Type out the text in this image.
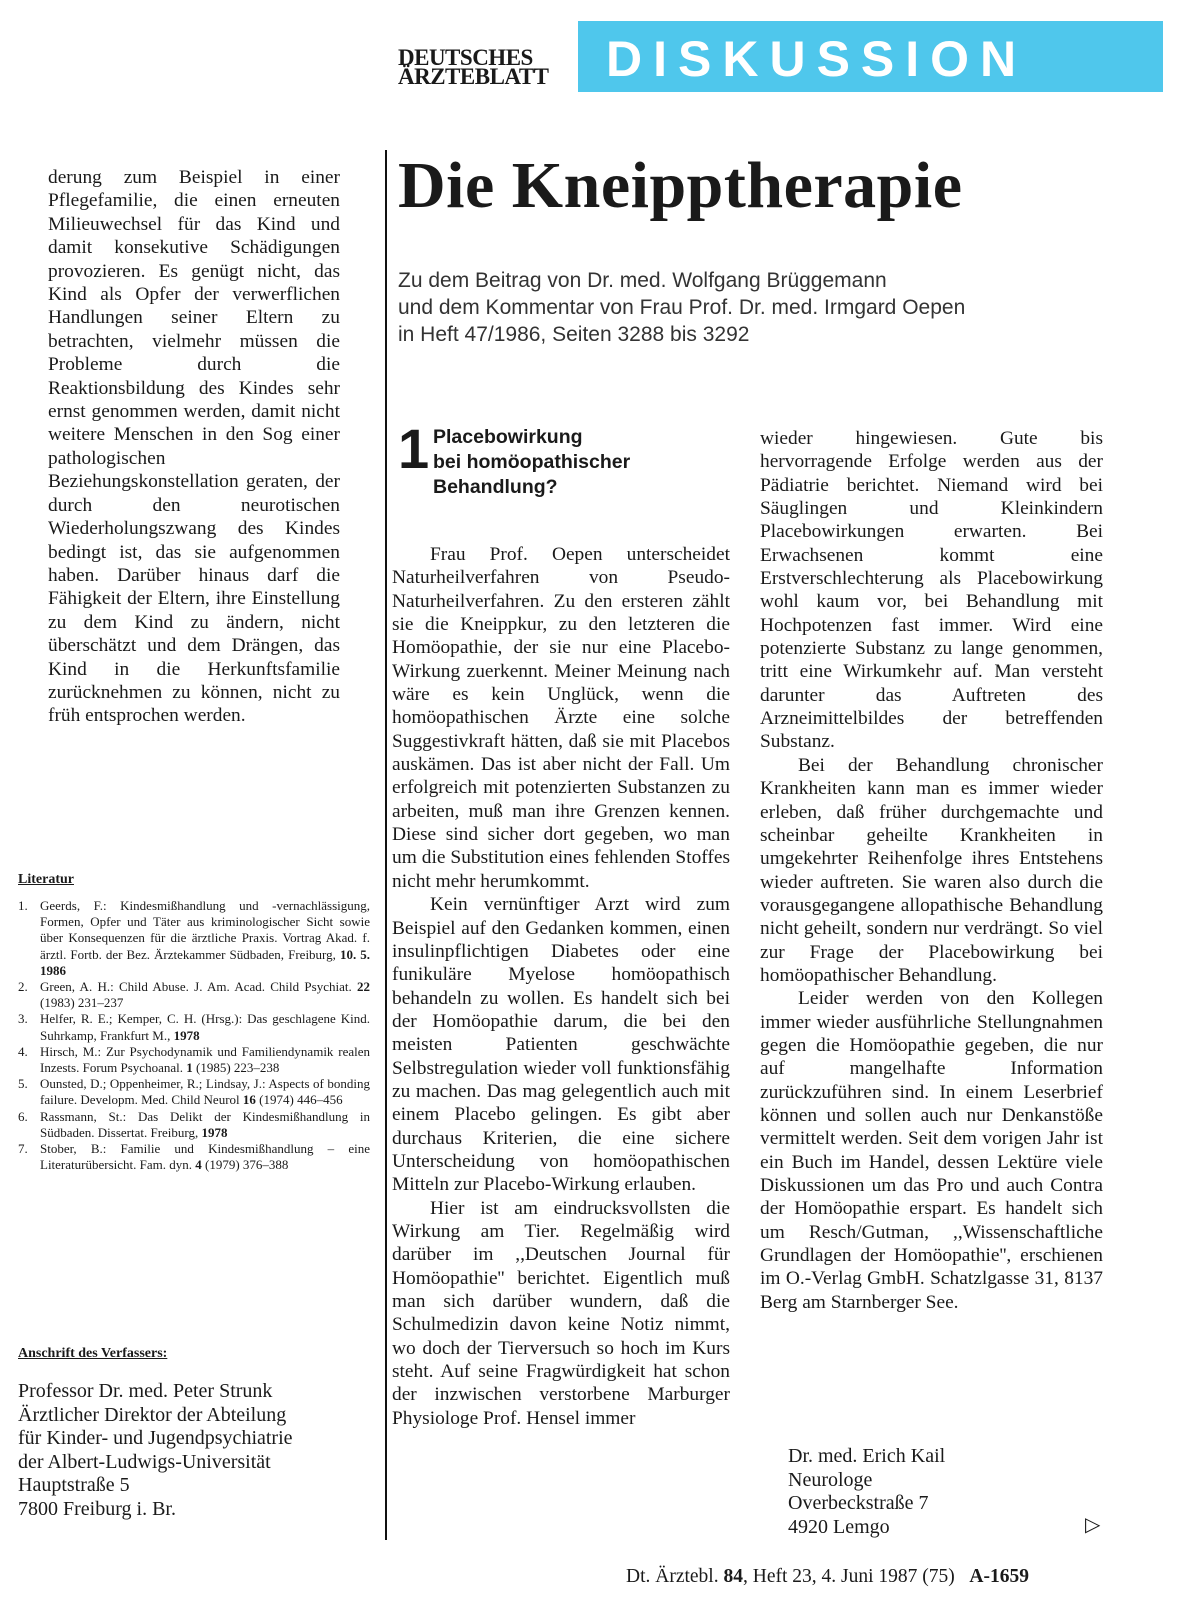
DEUTSCHES
ÄRZTEBLATT DISKUSSION

derung zum Beispiel in einer Pflegefamilie, die einen erneuten Milieuwechsel für das Kind und damit konsekutive Schädigungen provozieren. Es genügt nicht, das Kind als Opfer der verwerflichen Handlungen seiner Eltern zu betrachten, vielmehr müssen die Probleme durch die Reaktionsbildung des Kindes sehr ernst genommen werden, damit nicht weitere Menschen in den Sog einer pathologischen Beziehungskonstellation geraten, der durch den neurotischen Wiederholungszwang des Kindes bedingt ist, das sie aufgenommen haben. Darüber hinaus darf die Fähigkeit der Eltern, ihre Einstellung zu dem Kind zu ändern, nicht überschätzt und dem Drängen, das Kind in die Herkunftsfamilie zurücknehmen zu können, nicht zu früh entsprochen werden.

Literatur
1. Geerds, F.: Kindesmißhandlung und -vernachlässigung, Formen, Opfer und Täter aus kriminologischer Sicht sowie über Konsequenzen für die ärztliche Praxis. Vortrag Akad. f. ärztl. Fortb. der Bez. Ärztekammer Südbaden, Freiburg, 10. 5. 1986
2. Green, A. H.: Child Abuse. J. Am. Acad. Child Psychiat. 22 (1983) 231–237
3. Helfer, R. E.; Kemper, C. H. (Hrsg.): Das geschlagene Kind. Suhrkamp, Frankfurt M., 1978
4. Hirsch, M.: Zur Psychodynamik und Familiendynamik realen Inzests. Forum Psychoanal. 1 (1985) 223–238
5. Ounsted, D.; Oppenheimer, R.; Lindsay, J.: Aspects of bonding failure. Developm. Med. Child Neurol 16 (1974) 446–456
6. Rassmann, St.: Das Delikt der Kindesmißhandlung in Südbaden. Dissertat. Freiburg, 1978
7. Stober, B.: Familie und Kindesmißhandlung – eine Literaturübersicht. Fam. dyn. 4 (1979) 376–388
Anschrift des Verfassers:
Professor Dr. med. Peter Strunk
Ärztlicher Direktor der Abteilung
für Kinder- und Jugendpsychiatrie
der Albert-Ludwigs-Universität
Hauptstraße 5
7800 Freiburg i. Br.
Die Kneipptherapie
Zu dem Beitrag von Dr. med. Wolfgang Brüggemann
und dem Kommentar von Frau Prof. Dr. med. Irmgard Oepen
in Heft 47/1986, Seiten 3288 bis 3292
1 Placebowirkung
bei homöopathischer
Behandlung?

Frau Prof. Oepen unterscheidet Naturheilverfahren von Pseudo-Naturheilverfahren. Zu den ersteren zählt sie die Kneippkur, zu den letzteren die Homöopathie, der sie nur eine Placebo-Wirkung zuerkennt. Meiner Meinung nach wäre es kein Unglück, wenn die homöopathischen Ärzte eine solche Suggestivkraft hätten, daß sie mit Placebos auskämen. Das ist aber nicht der Fall. Um erfolgreich mit potenzierten Substanzen zu arbeiten, muß man ihre Grenzen kennen. Diese sind sicher dort gegeben, wo man um die Substitution eines fehlenden Stoffes nicht mehr herumkommt.

Kein vernünftiger Arzt wird zum Beispiel auf den Gedanken kommen, einen insulinpflichtigen Diabetes oder eine funikuläre Myelose homöopathisch behandeln zu wollen. Es handelt sich bei der Homöopathie darum, die bei den meisten Patienten geschwächte Selbstregulation wieder voll funktionsfähig zu machen. Das mag gelegentlich auch mit einem Placebo gelingen. Es gibt aber durchaus Kriterien, die eine sichere Unterscheidung von homöopathischen Mitteln zur Placebo-Wirkung erlauben.

Hier ist am eindrucksvollsten die Wirkung am Tier. Regelmäßig wird darüber im ,,Deutschen Journal für Homöopathie'' berichtet. Eigentlich muß man sich darüber wundern, daß die Schulmedizin davon keine Notiz nimmt, wo doch der Tierversuch so hoch im Kurs steht. Auf seine Fragwürdigkeit hat schon der inzwischen verstorbene Marburger Physiologe Prof. Hensel immer

wieder hingewiesen. Gute bis hervorragende Erfolge werden aus der Pädiatrie berichtet. Niemand wird bei Säuglingen und Kleinkindern Placebowirkungen erwarten. Bei Erwachsenen kommt eine Erstverschlechterung als Placebowirkung wohl kaum vor, bei Behandlung mit Hochpotenzen fast immer. Wird eine potenzierte Substanz zu lange genommen, tritt eine Wirkumkehr auf. Man versteht darunter das Auftreten des Arzneimittelbildes der betreffenden Substanz.

Bei der Behandlung chronischer Krankheiten kann man es immer wieder erleben, daß früher durchgemachte und scheinbar geheilte Krankheiten in umgekehrter Reihenfolge ihres Entstehens wieder auftreten. Sie waren also durch die vorausgegangene allopathische Behandlung nicht geheilt, sondern nur verdrängt. So viel zur Frage der Placebowirkung bei homöopathischer Behandlung.

Leider werden von den Kollegen immer wieder ausführliche Stellungnahmen gegen die Homöopathie gegeben, die nur auf mangelhafte Information zurückzuführen sind. In einem Leserbrief können und sollen auch nur Denkanstöße vermittelt werden. Seit dem vorigen Jahr ist ein Buch im Handel, dessen Lektüre viele Diskussionen um das Pro und auch Contra der Homöopathie erspart. Es handelt sich um Resch/Gutman, ,,Wissenschaftliche Grundlagen der Homöopathie'', erschienen im O.-Verlag GmbH. Schatzlgasse 31, 8137 Berg am Starnberger See.

Dr. med. Erich Kail
Neurologe
Overbeckstraße 7
4920 Lemgo	▷
Dt. Ärztebl. 84, Heft 23, 4. Juni 1987 (75) A-1659
